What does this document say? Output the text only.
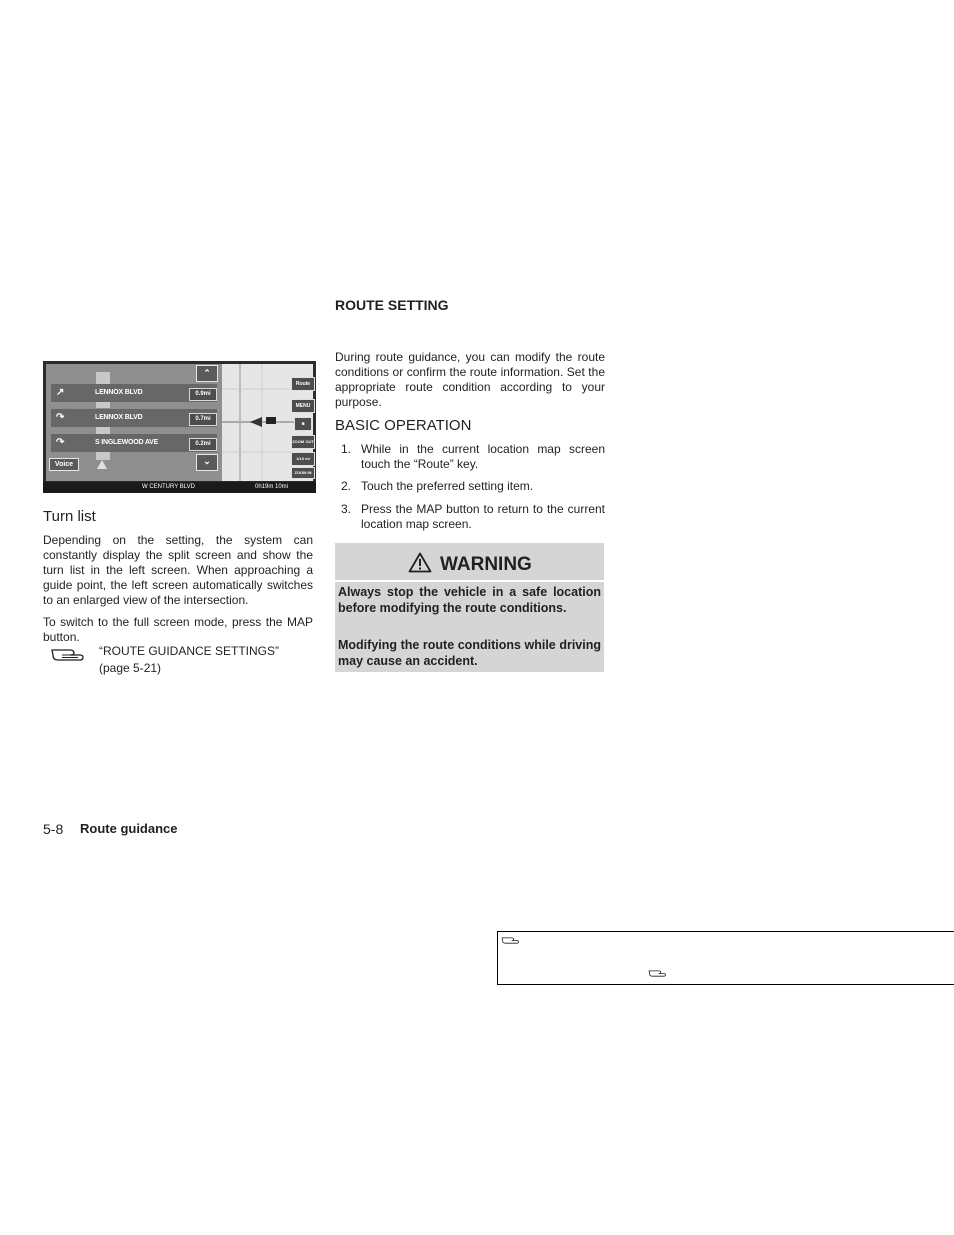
↗	LENNOX BLVD	0.9mi
↷	LENNOX BLVD	0.7mi
↷	S INGLEWOOD AVE	0.2mi
⌃
⌄
Voice
Route
MENU
■
ZOOM OUT
1/10 mi
ZOOM IN
W CENTURY BLVD	0h19m 10mi
Turn list
Depending on the setting, the system can constantly display the split screen and show the turn list in the left screen. When approaching a guide point, the left screen automatically switches to an enlarged view of the intersection.
To switch to the full screen mode, press the MAP button.
“ROUTE GUIDANCE SETTINGS”
(page 5-21)
ROUTE SETTING
During route guidance, you can modify the route conditions or confirm the route information. Set the appropriate route condition according to your purpose.
BASIC OPERATION
1. While in the current location map screen touch the “Route” key.
2. Touch the preferred setting item.
3. Press the MAP button to return to the current location map screen.
WARNING
Always stop the vehicle in a safe location before modifying the route conditions.
Modifying the route conditions while driving may cause an accident.
5-8 Route guidance
